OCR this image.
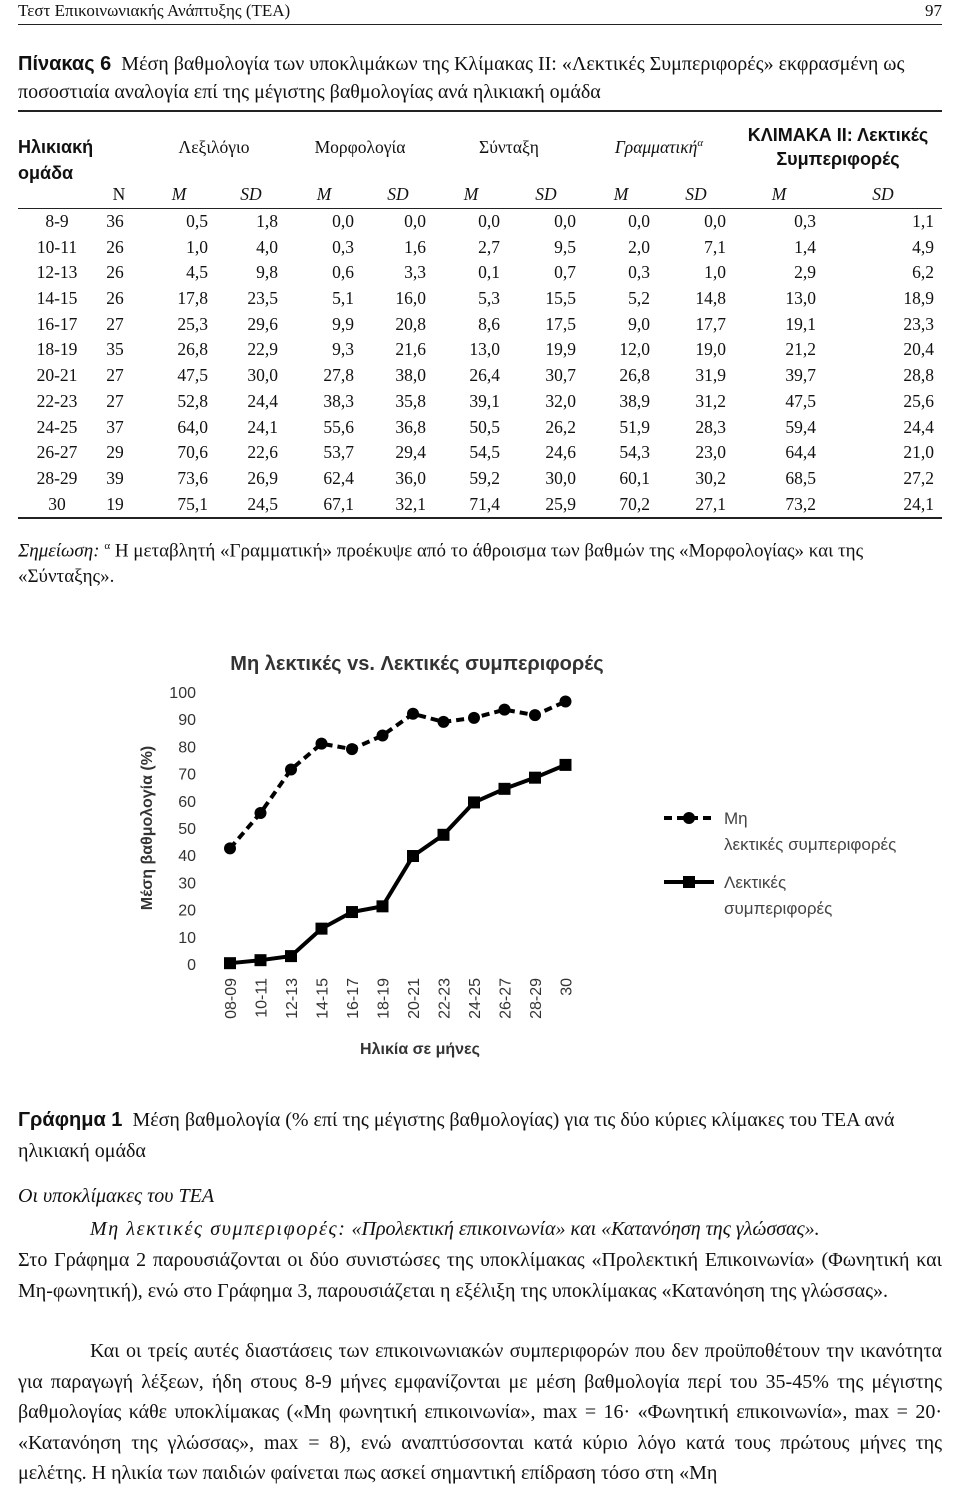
Τεστ Επικοινωνιακής Ανάπτυξης (ΤΕΑ)	97
Πίνακας 6 Μέση βαθμολογία των υποκλιμάκων της Κλίμακας ΙΙ: «Λεκτικές Συμπεριφορές» εκφρασμένη ως ποσοστιαία αναλογία επί της μέγιστης βαθμολογίας ανά ηλικιακή ομάδα
Ηλικιακή ομάδα		Λεξιλόγιο		Μορφολογία		Σύνταξη		Γραμματική$^\alpha$		ΚΛΙΜΑΚΑ ΙΙ: Λεκτικές Συμπεριφορές	
	Ν	M	SD	M	SD	M	SD	M	SD	M	SD
8-9	36	0,5	1,8	0,0	0,0	0,0	0,0	0,0	0,0	0,3	1,1
10-11	26	1,0	4,0	0,3	1,6	2,7	9,5	2,0	7,1	1,4	4,9
12-13	26	4,5	9,8	0,6	3,3	0,1	0,7	0,3	1,0	2,9	6,2
14-15	26	17,8	23,5	5,1	16,0	5,3	15,5	5,2	14,8	13,0	18,9
16-17	27	25,3	29,6	9,9	20,8	8,6	17,5	9,0	17,7	19,1	23,3
18-19	35	26,8	22,9	9,3	21,6	13,0	19,9	12,0	19,0	21,2	20,4
20-21	27	47,5	30,0	27,8	38,0	26,4	30,7	26,8	31,9	39,7	28,8
22-23	27	52,8	24,4	38,3	35,8	39,1	32,0	38,9	31,2	47,5	25,6
24-25	37	64,0	24,1	55,6	36,8	50,5	26,2	51,9	28,3	59,4	24,4
26-27	29	70,6	22,6	53,7	29,4	54,5	24,6	54,3	23,0	64,4	21,0
28-29	39	73,6	26,9	62,4	36,0	59,2	30,0	60,1	30,2	68,5	27,2
30	19	75,1	24,5	67,1	32,1	71,4	25,9	70,2	27,1	73,2	24,1
Σημείωση: $^\alpha$ Η μεταβλητή «Γραμματική» προέκυψε από το άθροισμα των βαθμών της «Μορφολογίας» και της «Σύνταξης».
Μη λεκτικές vs. Λεκτικές συμπεριφορές
0
10
20
30
40
50
60
70
80
90
100
Μέση βαθμολογία (%)
08-09 10-11 12-13 14-15 16-17 18-19 20-21 22-23 24-25 26-27 28-29 30
Ηλικία σε μήνες
Μη λεκτικές συμπεριφορές
Λεκτικές συμπεριφορές
Γράφημα 1 Μέση βαθμολογία (% επί της μέγιστης βαθμολογίας) για τις δύο κύριες κλίμακες του ΤΕΑ ανά ηλικιακή ομάδα
Οι υποκλίμακες του ΤΕΑ
Μη λεκτικές συμπεριφορές: «Προλεκτική επικοινωνία» και «Κατανόηση της γλώσσας».
Στο Γράφημα 2 παρουσιάζονται οι δύο συνιστώσες της υποκλίμακας «Προλεκτική Επικοινωνία» (Φωνητική και Μη-φωνητική), ενώ στο Γράφημα 3, παρουσιάζεται η εξέλιξη της υποκλίμακας «Κατανόηση της γλώσσας».
Και οι τρείς αυτές διαστάσεις των επικοινωνιακών συμπεριφορών που δεν προϋποθέτουν την ικανότητα για παραγωγή λέξεων, ήδη στους 8-9 μήνες εμφανίζονται με μέση βαθμολογία περί του 35-45% της μέγιστης βαθμολογίας κάθε υποκλίμακας («Μη φωνητική επικοινωνία», max = 16· «Φωνητική επικοινωνία», max = 20· «Κατανόηση της γλώσσας», max = 8), ενώ αναπτύσσονται κατά κύριο λόγο κατά τους πρώτους μήνες της μελέτης. Η ηλικία των παιδιών φαίνεται πως ασκεί σημαντική επίδραση τόσο στη «Μη
